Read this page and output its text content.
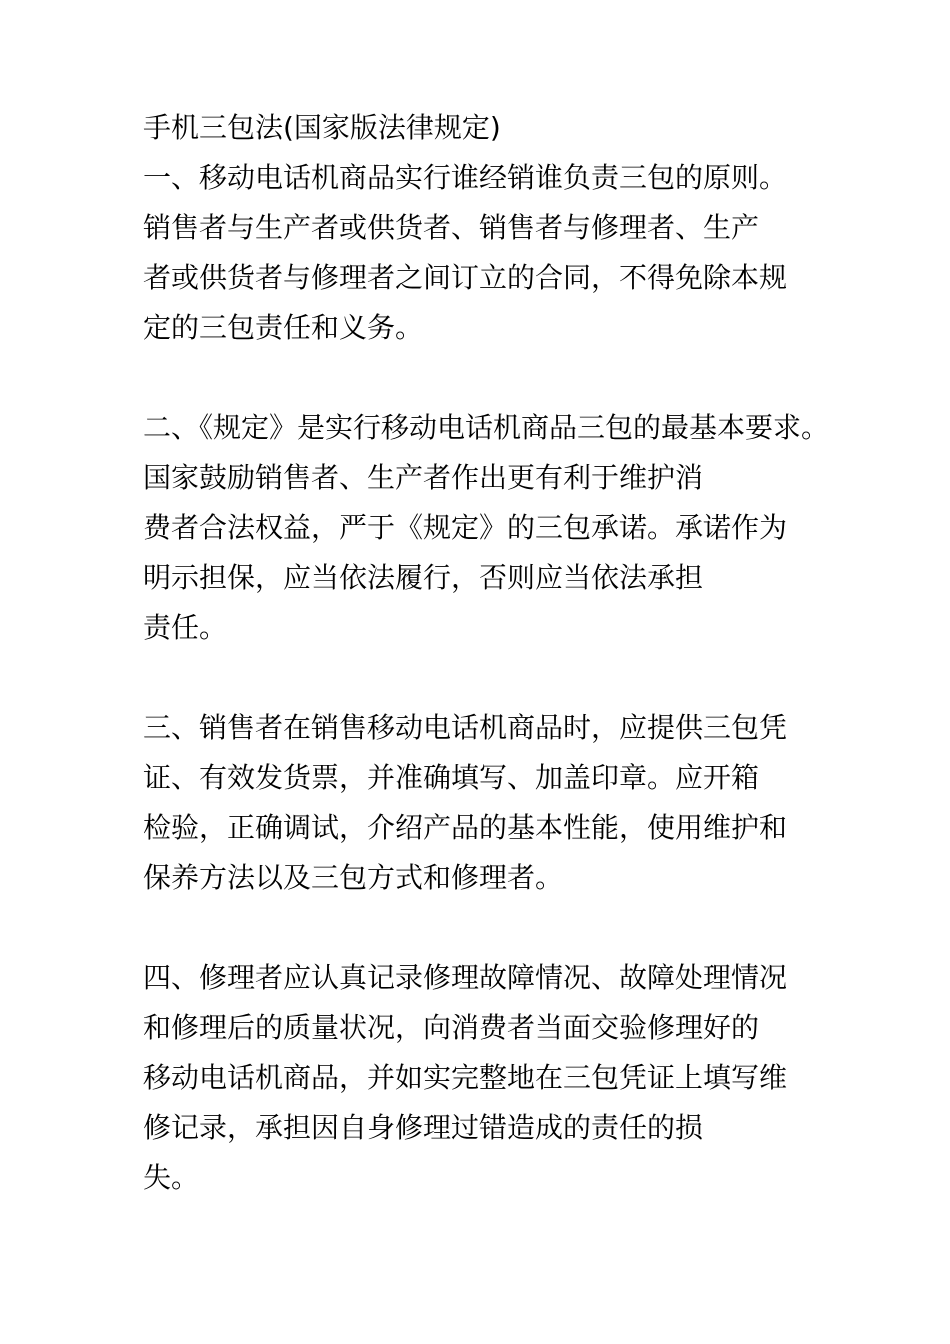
手机三包法(国家版法律规定)
一、移动电话机商品实行谁经销谁负责三包的原则。
销售者与生产者或供货者、销售者与修理者、生产
者或供货者与修理者之间订立的合同，不得免除本规
定的三包责任和义务。
二、《规定》是实行移动电话机商品三包的最基本要求。
国家鼓励销售者、生产者作出更有利于维护消
费者合法权益，严于《规定》的三包承诺。承诺作为
明示担保，应当依法履行，否则应当依法承担
责任。
三、销售者在销售移动电话机商品时，应提供三包凭
证、有效发货票，并准确填写、加盖印章。应开箱
检验，正确调试，介绍产品的基本性能，使用维护和
保养方法以及三包方式和修理者。
四、修理者应认真记录修理故障情况、故障处理情况
和修理后的质量状况，向消费者当面交验修理好的
移动电话机商品，并如实完整地在三包凭证上填写维
修记录，承担因自身修理过错造成的责任的损
失。
